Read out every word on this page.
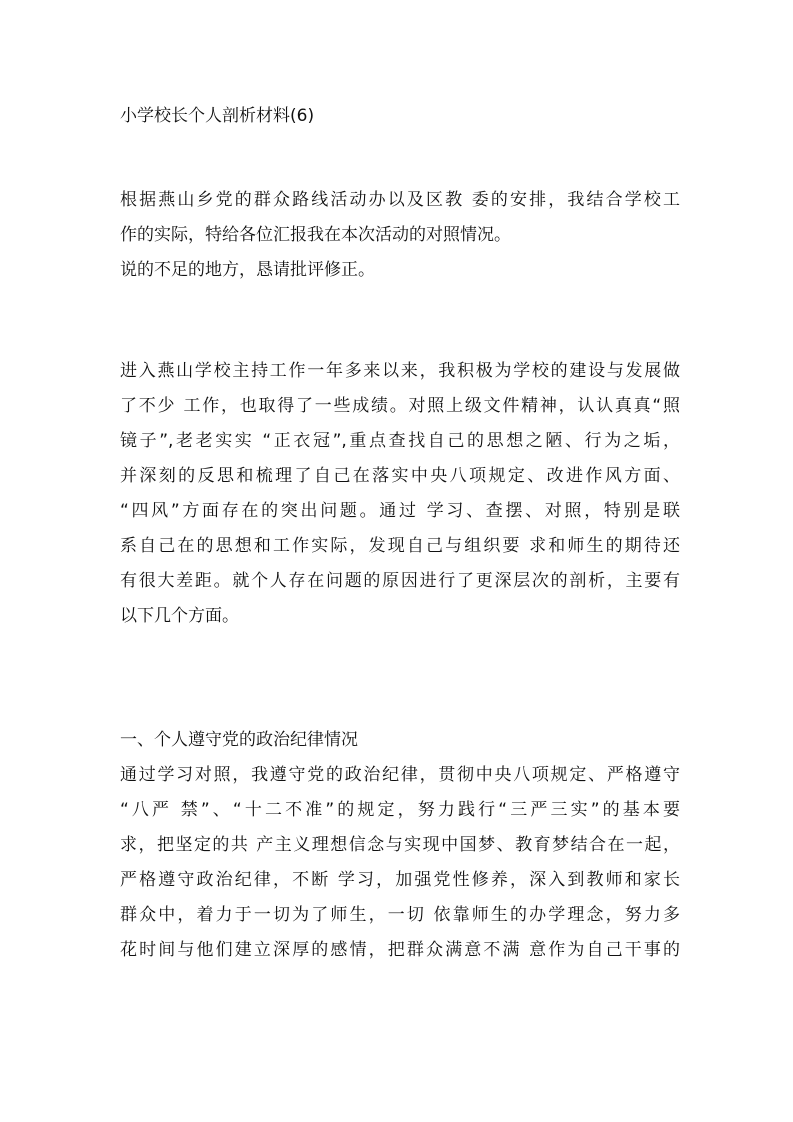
小学校长个人剖析材料(6)
根据燕山乡党的群众路线活动办以及区教 委的安排，我结合学校工
作的实际，特给各位汇报我在本次活动的对照情况。
说的不足的地方，恳请批评修正。
进入燕山学校主持工作一年多来以来，我积极为学校的建设与发展做
了不少 工作，也取得了一些成绩。对照上级文件精神，认认真真“照
镜子”,老老实实 “正衣冠”,重点查找自己的思想之陋、行为之垢，
并深刻的反思和梳理了自己在落实中央八项规定、改进作风方面、
“四风”方面存在的突出问题。通过 学习、查摆、对照，特别是联
系自己在的思想和工作实际，发现自己与组织要 求和师生的期待还
有很大差距。就个人存在问题的原因进行了更深层次的剖析，主要有
以下几个方面。
一、个人遵守党的政治纪律情况
通过学习对照，我遵守党的政治纪律，贯彻中央八项规定、严格遵守
“八严 禁”、“十二不准”的规定，努力践行“三严三实”的基本要
求，把坚定的共 产主义理想信念与实现中国梦、教育梦结合在一起，
严格遵守政治纪律，不断 学习，加强党性修养，深入到教师和家长
群众中，着力于一切为了师生，一切 依靠师生的办学理念，努力多
花时间与他们建立深厚的感情，把群众满意不满 意作为自己干事的
